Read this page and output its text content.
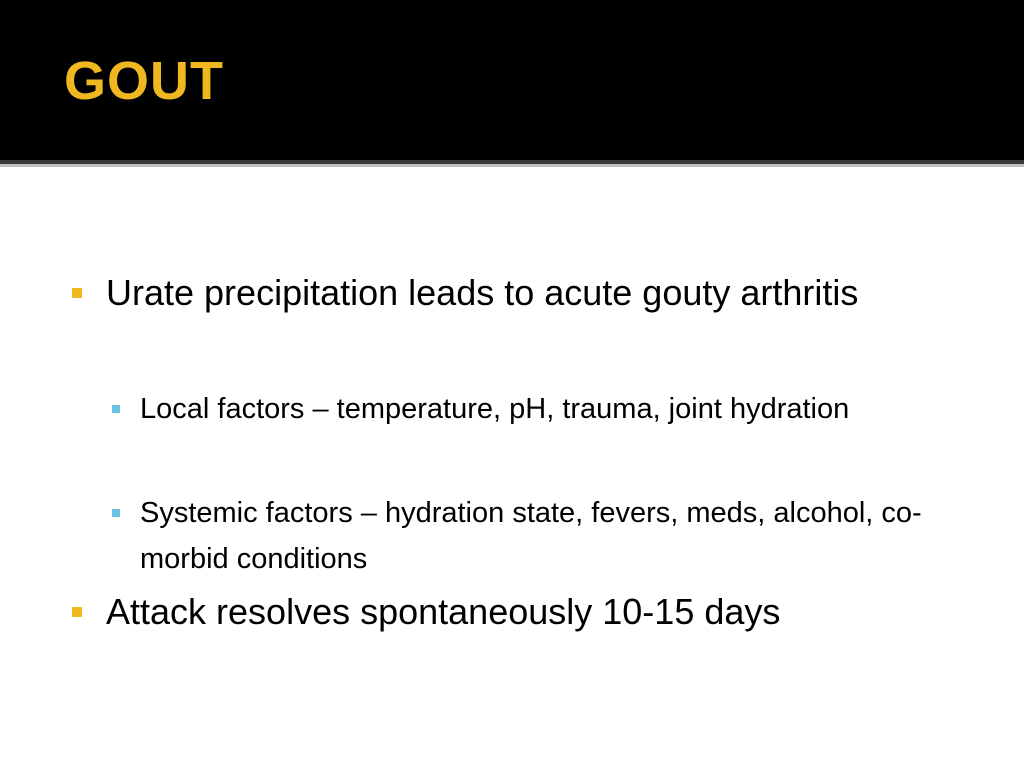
GOUT
Urate precipitation leads to acute gouty arthritis
Local factors – temperature, pH, trauma, joint hydration
Systemic factors – hydration state, fevers, meds, alcohol, co-morbid conditions
Attack resolves spontaneously 10-15 days
